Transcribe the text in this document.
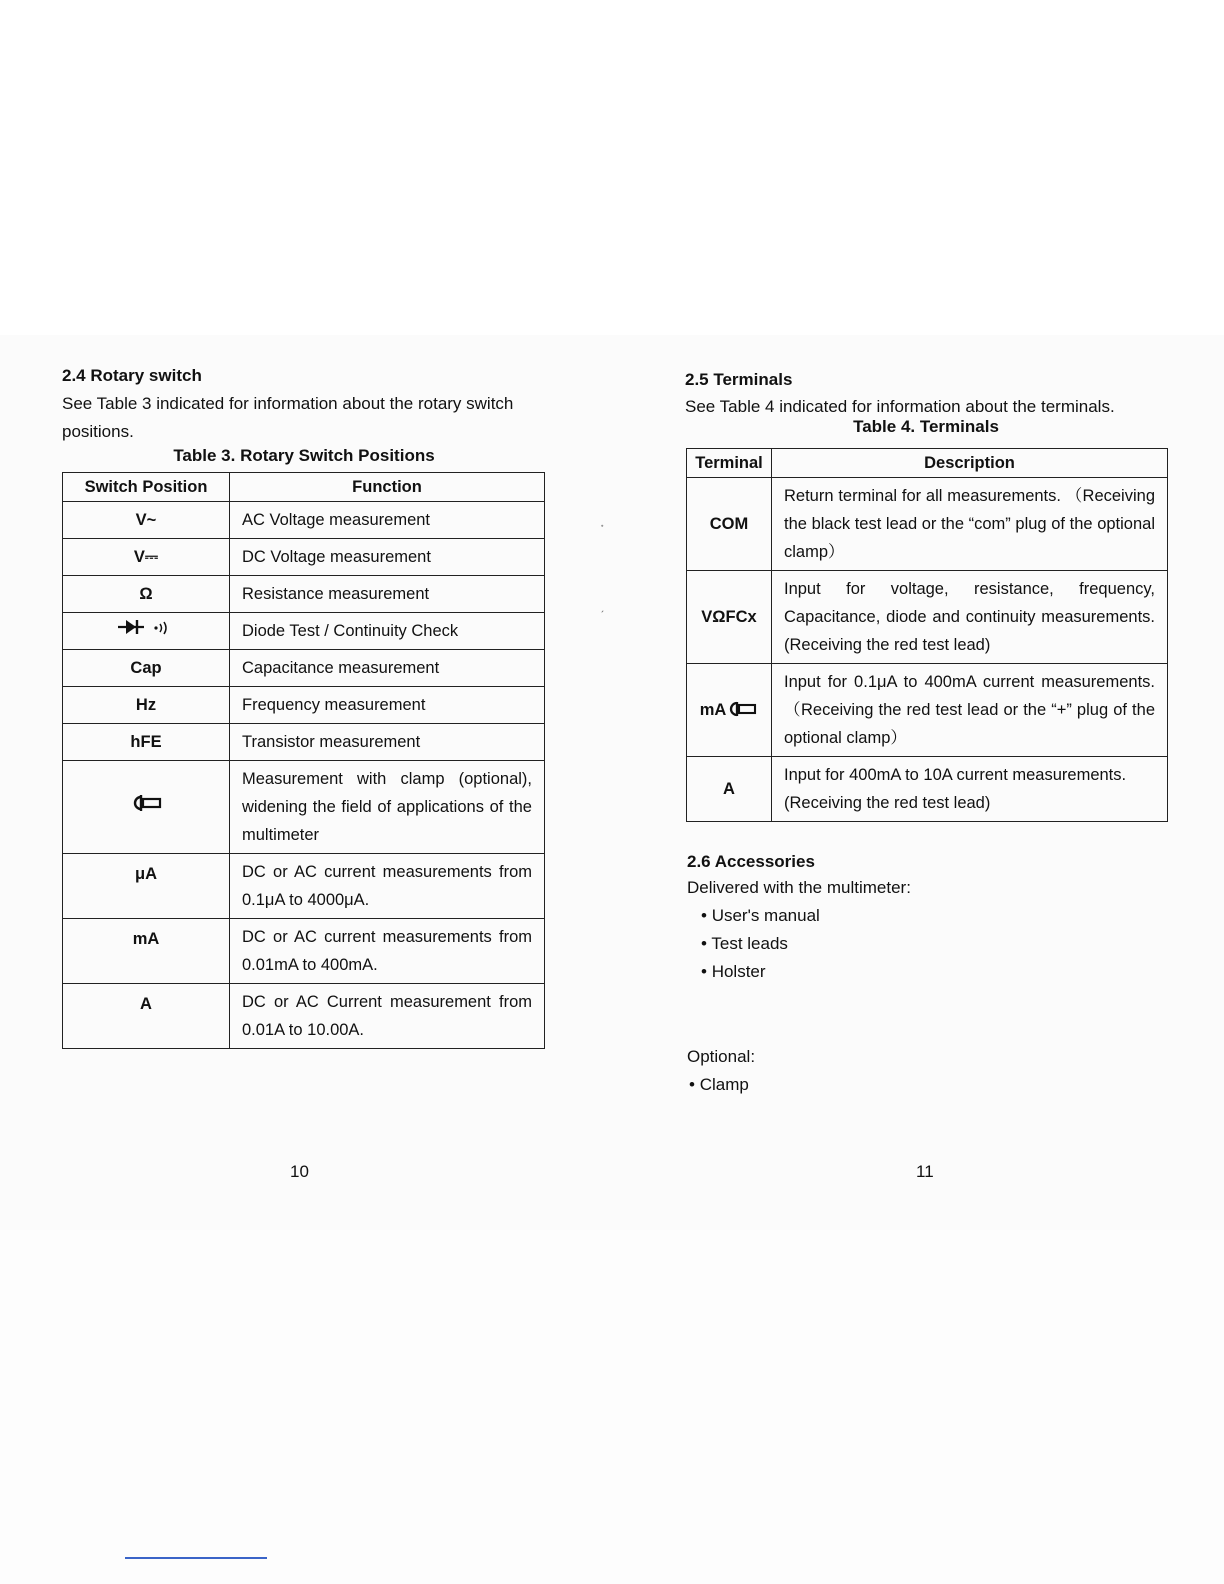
2.4 Rotary switch

See Table 3 indicated for information about the rotary switch

positions.

Table 3. Rotary Switch Positions
Switch Position	Function
V~	AC Voltage measurement
V⎓	DC Voltage measurement
Ω	Resistance measurement
	Diode Test / Continuity Check
Cap	Capacitance measurement
Hz	Frequency measurement
hFE	Transistor measurement
	Measurement with clamp (optional), widening the field of applications of the multimeter
μA	DC or AC current measurements from 0.1μA to 4000μA.
mA	DC or AC current measurements from 0.01mA to 400mA.
A	DC or AC Current measurement from 0.01A to 10.00A.
10
˖
ˏ
2.5 Terminals

See Table 4 indicated for information about the terminals.

Table 4. Terminals
Terminal	Description
COM	Return terminal for all measurements. （Receiving the black test lead or the “com” plug of the optional clamp）
VΩFCx	Input for voltage, resistance, frequency, Capacitance, diode and continuity measurements. (Receiving the red test lead)
mA	Input for 0.1μA to 400mA current measurements. （Receiving the red test lead or the “+” plug of the optional clamp）
A	Input for 400mA to 10A current measurements. (Receiving the red test lead)
2.6 Accessories

Delivered with the multimeter:

• User's manual
• Test leads
• Holster

Optional:

• Clamp
11
